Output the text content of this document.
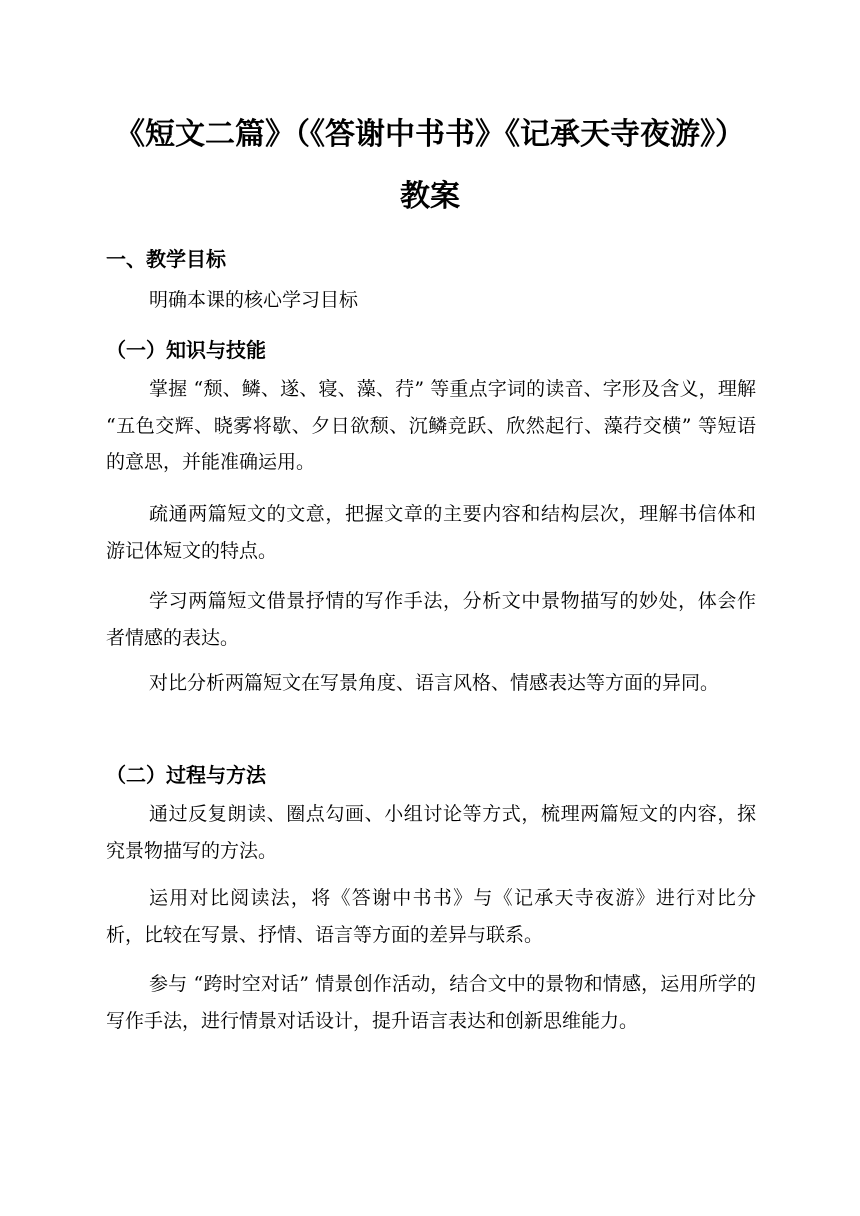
《短文二篇》（《答谢中书书》《记承天寺夜游》）教案
一、教学目标

明确本课的核心学习目标

（一）知识与技能

掌握 “颓、鳞、遂、寝、藻、荇” 等重点字词的读音、字形及含义，理解 “五色交辉、晓雾将歇、夕日欲颓、沉鳞竞跃、欣然起行、藻荇交横” 等短语的意思，并能准确运用。

疏通两篇短文的文意，把握文章的主要内容和结构层次，理解书信体和游记体短文的特点。

学习两篇短文借景抒情的写作手法，分析文中景物描写的妙处，体会作者情感的表达。

对比分析两篇短文在写景角度、语言风格、情感表达等方面的异同。

（二）过程与方法

通过反复朗读、圈点勾画、小组讨论等方式，梳理两篇短文的内容，探究景物描写的方法。

运用对比阅读法，将《答谢中书书》与《记承天寺夜游》进行对比分析，比较在写景、抒情、语言等方面的差异与联系。

参与 “跨时空对话” 情景创作活动，结合文中的景物和情感，运用所学的写作手法，进行情景对话设计，提升语言表达和创新思维能力。
